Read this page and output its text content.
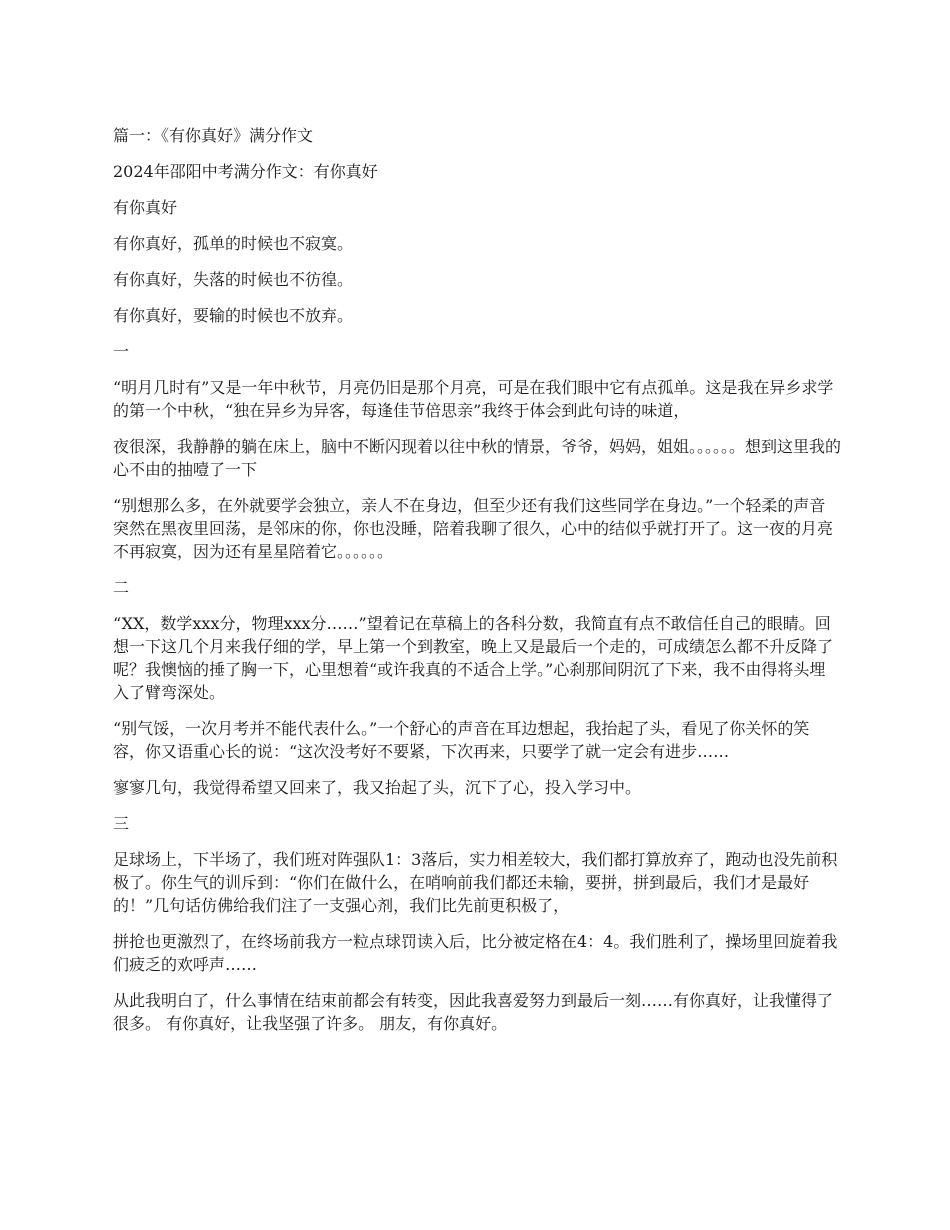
篇一：《有你真好》满分作文

2024年邵阳中考满分作文：有你真好

有你真好

有你真好，孤单的时候也不寂寞。

有你真好，失落的时候也不彷徨。

有你真好，要输的时候也不放弃。

一

“明月几时有”又是一年中秋节，月亮仍旧是那个月亮，可是在我们眼中它有点孤单。这是我在异乡求学的第一个中秋，“独在异乡为异客，每逢佳节倍思亲”我终于体会到此句诗的味道，

夜很深，我静静的躺在床上，脑中不断闪现着以往中秋的情景，爷爷，妈妈，姐姐。。。。。。想到这里我的心不由的抽噎了一下

“别想那么多，在外就要学会独立，亲人不在身边，但至少还有我们这些同学在身边。”一个轻柔的声音突然在黑夜里回荡，是邻床的你，你也没睡，陪着我聊了很久，心中的结似乎就打开了。这一夜的月亮不再寂寞，因为还有星星陪着它。。。。。。

二

“XX，数学xxx分，物理xxx分……”望着记在草稿上的各科分数，我简直有点不敢信任自己的眼睛。回想一下这几个月来我仔细的学，早上第一个到教室，晚上又是最后一个走的，可成绩怎么都不升反降了呢？我懊恼的捶了胸一下，心里想着“或许我真的不适合上学。”心刹那间阴沉了下来，我不由得将头埋入了臂弯深处。

“别气馁，一次月考并不能代表什么。”一个舒心的声音在耳边想起，我抬起了头，看见了你关怀的笑容，你又语重心长的说：“这次没考好不要紧，下次再来，只要学了就一定会有进步……

寥寥几句，我觉得希望又回来了，我又抬起了头，沉下了心，投入学习中。

三

足球场上，下半场了，我们班对阵强队1：3落后，实力相差较大，我们都打算放弃了，跑动也没先前积极了。你生气的训斥到：“你们在做什么，在哨响前我们都还未输，要拼，拼到最后，我们才是最好的！”几句话仿佛给我们注了一支强心剂，我们比先前更积极了，

拼抢也更激烈了，在终场前我方一粒点球罚读入后，比分被定格在4：4。我们胜利了，操场里回旋着我们疲乏的欢呼声……

从此我明白了，什么事情在结束前都会有转变，因此我喜爱努力到最后一刻……有你真好，让我懂得了很多。 有你真好，让我坚强了许多。 朋友，有你真好。
